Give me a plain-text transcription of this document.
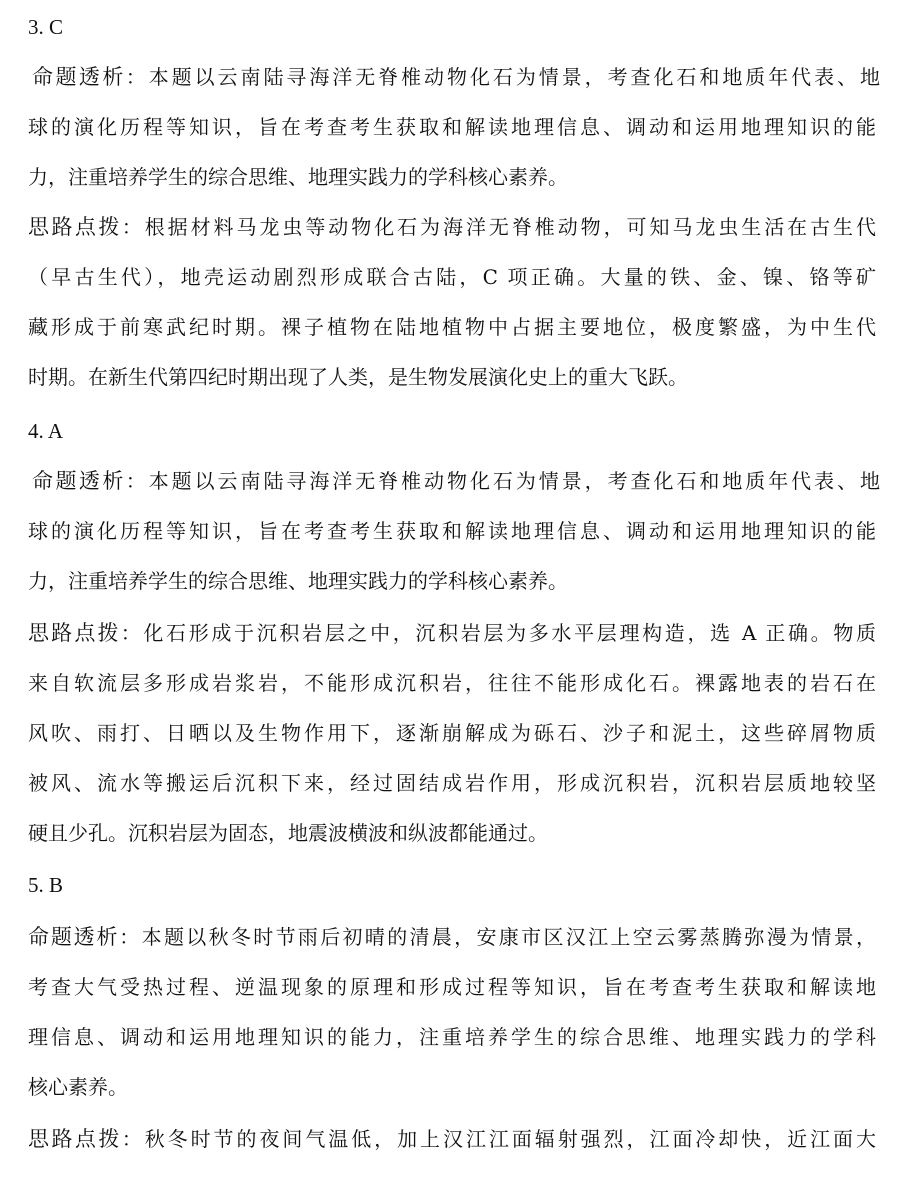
3. C
命题透析：本题以云南陆寻海洋无脊椎动物化石为情景，考查化石和地质年代表、地
球的演化历程等知识，旨在考查考生获取和解读地理信息、调动和运用地理知识的能
力，注重培养学生的综合思维、地理实践力的学科核心素养。
思路点拨：根据材料马龙虫等动物化石为海洋无脊椎动物，可知马龙虫生活在古生代
（早古生代），地壳运动剧烈形成联合古陆，C 项正确。大量的铁、金、镍、铬等矿
藏形成于前寒武纪时期。裸子植物在陆地植物中占据主要地位，极度繁盛，为中生代
时期。在新生代第四纪时期出现了人类，是生物发展演化史上的重大飞跃。
4. A
命题透析：本题以云南陆寻海洋无脊椎动物化石为情景，考查化石和地质年代表、地
球的演化历程等知识，旨在考查考生获取和解读地理信息、调动和运用地理知识的能
力，注重培养学生的综合思维、地理实践力的学科核心素养。
思路点拨：化石形成于沉积岩层之中，沉积岩层为多水平层理构造，选 A 正确。物质
来自软流层多形成岩浆岩，不能形成沉积岩，往往不能形成化石。裸露地表的岩石在
风吹、雨打、日晒以及生物作用下，逐渐崩解成为砾石、沙子和泥土，这些碎屑物质
被风、流水等搬运后沉积下来，经过固结成岩作用，形成沉积岩，沉积岩层质地较坚
硬且少孔。沉积岩层为固态，地震波横波和纵波都能通过。
5. B
命题透析：本题以秋冬时节雨后初晴的清晨，安康市区汉江上空云雾蒸腾弥漫为情景，
考查大气受热过程、逆温现象的原理和形成过程等知识，旨在考查考生获取和解读地
理信息、调动和运用地理知识的能力，注重培养学生的综合思维、地理实践力的学科
核心素养。
思路点拨：秋冬时节的夜间气温低，加上汉江江面辐射强烈，江面冷却快，近江面大
